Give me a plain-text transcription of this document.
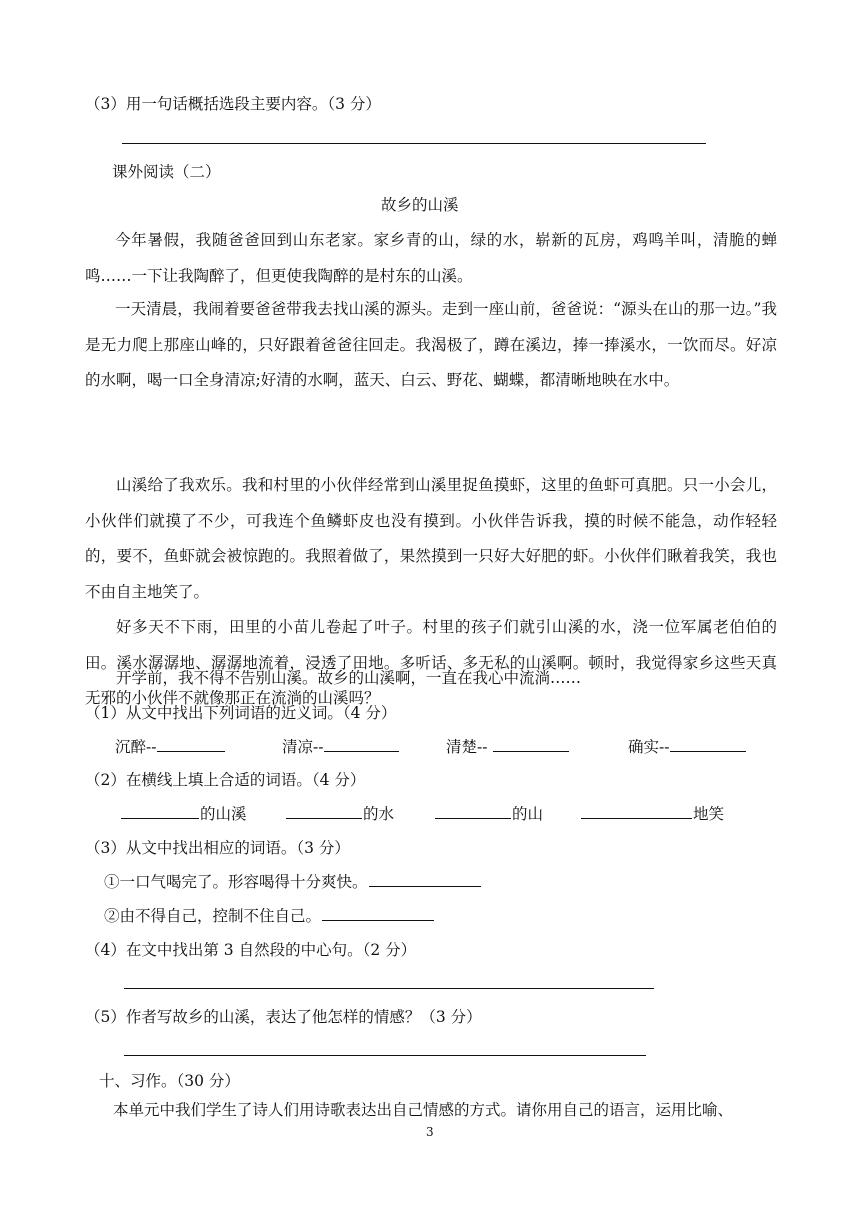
（3）用一句话概括选段主要内容。（3 分）
课外阅读（二）
故乡的山溪

今年暑假，我随爸爸回到山东老家。家乡青的山，绿的水，崭新的瓦房，鸡鸣羊叫，清脆的蝉鸣……一下让我陶醉了，但更使我陶醉的是村东的山溪。

一天清晨，我闹着要爸爸带我去找山溪的源头。走到一座山前，爸爸说：“源头在山的那一边。”我是无力爬上那座山峰的，只好跟着爸爸往回走。我渴极了，蹲在溪边，捧一捧溪水，一饮而尽。好凉的水啊，喝一口全身清凉;好清的水啊，蓝天、白云、野花、蝴蝶，都清晰地映在水中。

山溪给了我欢乐。我和村里的小伙伴经常到山溪里捉鱼摸虾，这里的鱼虾可真肥。只一小会儿，小伙伴们就摸了不少，可我连个鱼鳞虾皮也没有摸到。小伙伴告诉我，摸的时候不能急，动作轻轻的，要不，鱼虾就会被惊跑的。我照着做了，果然摸到一只好大好肥的虾。小伙伴们瞅着我笑，我也不由自主地笑了。

好多天不下雨，田里的小苗儿卷起了叶子。村里的孩子们就引山溪的水，浇一位军属老伯伯的田。溪水潺潺地、潺潺地流着，浸透了田地。多听话、多无私的山溪啊。顿时，我觉得家乡这些天真无邪的小伙伴不就像那正在流淌的山溪吗？

开学前，我不得不告别山溪。故乡的山溪啊，一直在我心中流淌……

（1）从文中找出下列词语的近义词。（4 分）
沉醉--	清凉--	清楚--	确实--
（2）在横线上填上合适的词语。（4 分）
的山溪	的水	的山	地笑
（3）从文中找出相应的词语。（3 分）
①一口气喝完了。形容喝得十分爽快。
②由不得自己，控制不住自己。
（4）在文中找出第 3 自然段的中心句。（2 分）
（5）作者写故乡的山溪，表达了他怎样的情感？（3 分）
十、习作。（30 分）
本单元中我们学生了诗人们用诗歌表达出自己情感的方式。请你用自己的语言，运用比喻、
3
